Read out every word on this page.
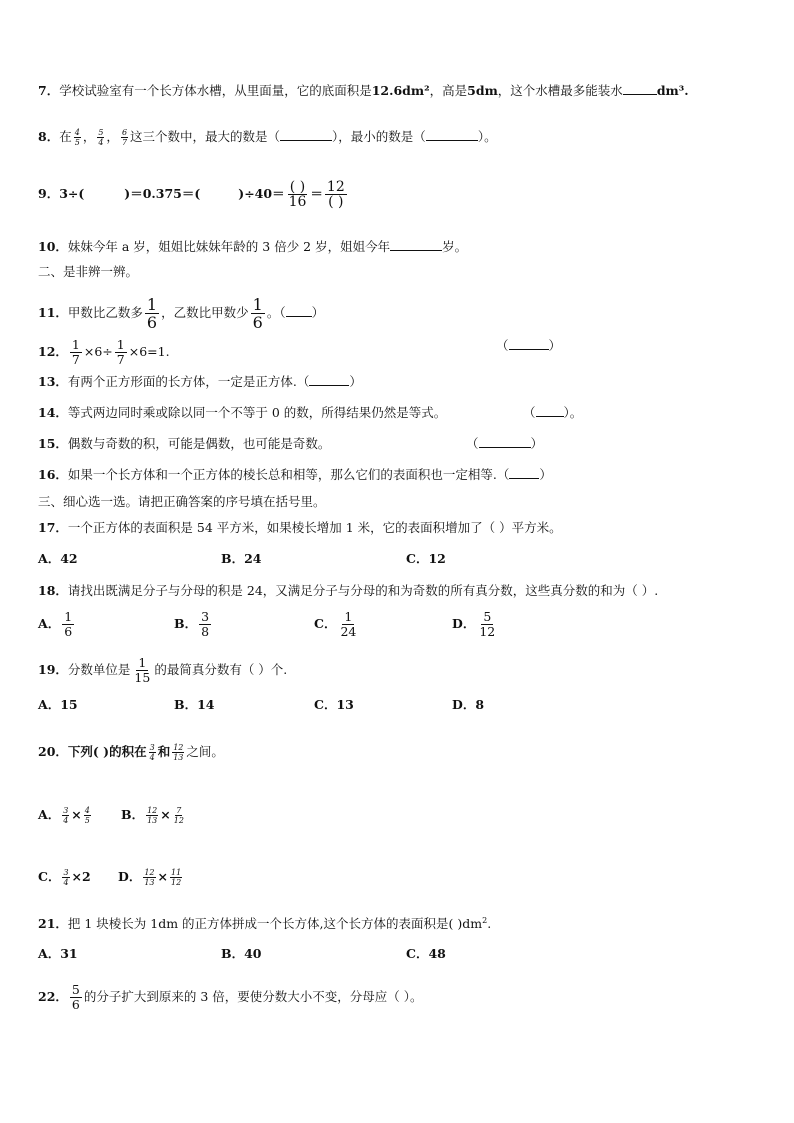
7．学校试验室有一个长方体水槽，从里面量，它的底面积是12.6dm²，高是5dm，这个水槽最多能装水	dm³.
8．在 $\frac{4}{5}$ ， $\frac{5}{4}$ ， $\frac{6}{7}$ 这三个数中，最大的数是（	），最小的数是（	）。
9．3÷(	)＝0.375＝(	)$\div 40= \frac{( )}{16} = \frac{12}{( )}$
10．妹妹今年 a 岁，姐姐比妹妹年龄的 3 倍少 2 岁，姐姐今年	岁。
二、是非辨一辨。
11．甲数比乙数多 $\frac{1}{6}$ ，乙数比甲数少 $\frac{1}{6}$ 。（ ）
12． $\frac{1}{7} \times 6\div \frac{1}{7} \times 6=1$.	（	）
13．有两个正方形面的长方体，一定是正方体.（	）
14．等式两边同时乘或除以同一个不等于 0 的数，所得结果仍然是等式。	（ ）。
15．偶数与奇数的积，可能是偶数，也可能是奇数。	（	）
16．如果一个长方体和一个正方体的棱长总和相等，那么它们的表面积也一定相等.（ ）
三、细心选一选。请把正确答案的序号填在括号里。
17．一个正方体的表面积是 54 平方米，如果棱长增加 1 米，它的表面积增加了（ ）平方米。
A．42	B．24	C．12
18．请找出既满足分子与分母的积是 24，又满足分子与分母的和为奇数的所有真分数，这些真分数的和为（ ）.
A． $\frac{1}{6}$	B． $\frac{3}{8}$	C． $\frac{1}{24}$	D． $\frac{5}{12}$
19．分数单位是 $\frac{1}{15}$ 的最简真分数有（ ）个.
A．15	B．14	C．13	D．8
20．下列( )的积在 $\frac{3}{4}$ 和 $\frac{12}{13}$ 之间。
A． $\frac{3}{4} \times \frac{4}{5}$ B． $\frac{12}{13} \times \frac{7}{12}$
C． $\frac{3}{4} \times 2$ D． $\frac{12}{13} \times \frac{11}{12}$
21．把 1 块棱长为 1dm 的正方体拼成一个长方体,这个长方体的表面积是( )$dm^2$.
A．31	B．40	C．48
22． $\frac{5}{6}$ 的分子扩大到原来的 3 倍，要使分数大小不变，分母应（ ）。
